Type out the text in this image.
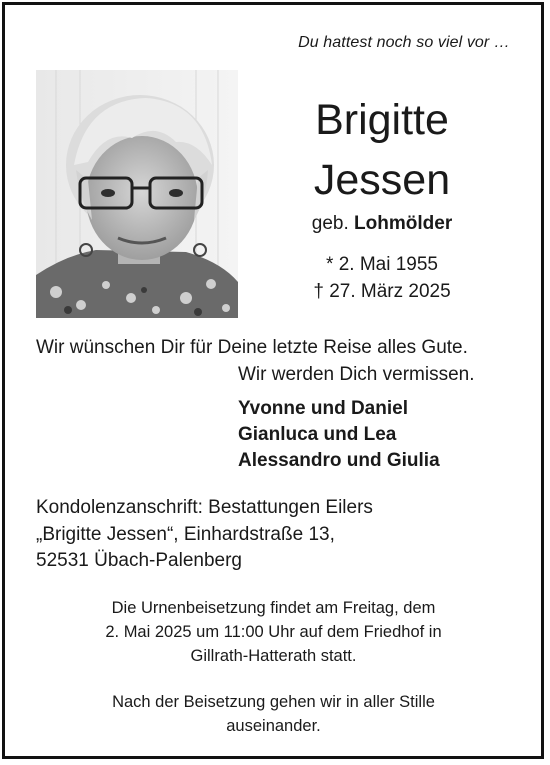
Du hattest noch so viel vor …
Brigitte
Jessen
geb. Lohmölder
* 2. Mai 1955
† 27. März 2025
Wir wünschen Dir für Deine letzte Reise alles Gute.
Wir werden Dich vermissen.
Yvonne und Daniel
Gianluca und Lea
Alessandro und Giulia
Kondolenzanschrift: Bestattungen Eilers
„Brigitte Jessen“, Einhardstraße 13,
52531 Übach-Palenberg
Die Urnenbeisetzung findet am Freitag, dem
2. Mai 2025 um 11:00 Uhr auf dem Friedhof in
Gillrath-Hatterath statt.
Nach der Beisetzung gehen wir in aller Stille
auseinander.
